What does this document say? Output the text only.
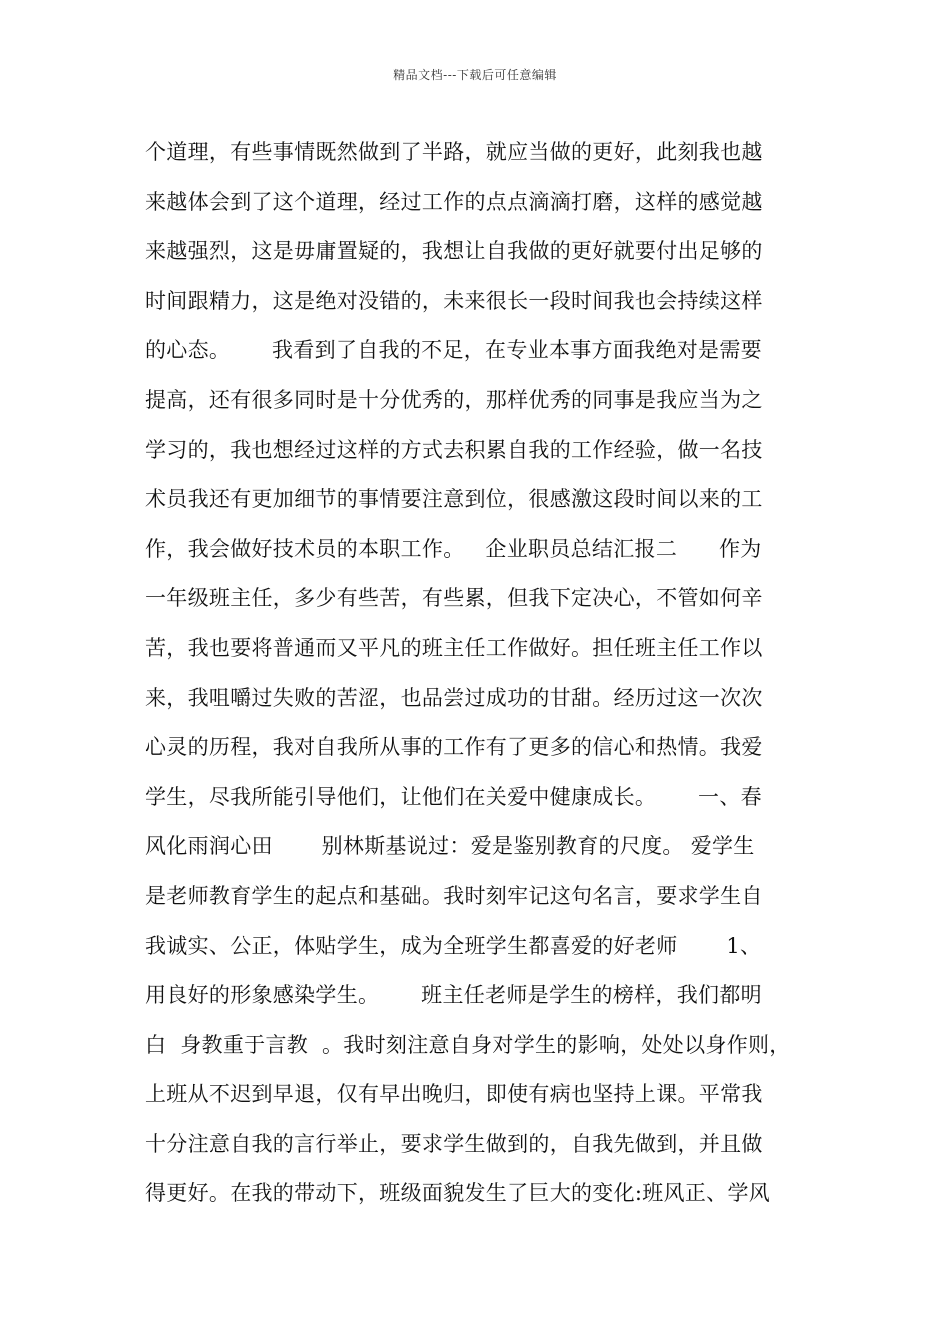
精品文档---下载后可任意编辑
个道理，有些事情既然做到了半路，就应当做的更好，此刻我也越
来越体会到了这个道理，经过工作的点点滴滴打磨，这样的感觉越
来越强烈，这是毋庸置疑的，我想让自我做的更好就要付出足够的
时间跟精力，这是绝对没错的，未来很长一段时间我也会持续这样
的心态。      我看到了自我的不足，在专业本事方面我绝对是需要
提高，还有很多同时是十分优秀的，那样优秀的同事是我应当为之
学习的，我也想经过这样的方式去积累自我的工作经验，做一名技
术员我还有更加细节的事情要注意到位，很感激这段时间以来的工
作，我会做好技术员的本职工作。   企业职员总结汇报二      作为
一年级班主任，多少有些苦，有些累，但我下定决心，不管如何辛
苦，我也要将普通而又平凡的班主任工作做好。担任班主任工作以
来，我咀嚼过失败的苦涩，也品尝过成功的甘甜。经历过这一次次
心灵的历程，我对自我所从事的工作有了更多的信心和热情。我爱
学生，尽我所能引导他们，让他们在关爱中健康成长。      一、春
风化雨润心田       别林斯基说过：爱是鉴别教育的尺度。 爱学生
是老师教育学生的起点和基础。我时刻牢记这句名言，要求学生自
我诚实、公正，体贴学生，成为全班学生都喜爱的好老师       1、
用良好的形象感染学生。      班主任老师是学生的榜样，我们都明
白  身教重于言教  。我时刻注意自身对学生的影响，处处以身作则，
上班从不迟到早退，仅有早出晚归，即使有病也坚持上课。平常我
十分注意自我的言行举止，要求学生做到的，自我先做到，并且做
得更好。在我的带动下，班级面貌发生了巨大的变化:班风正、学风
